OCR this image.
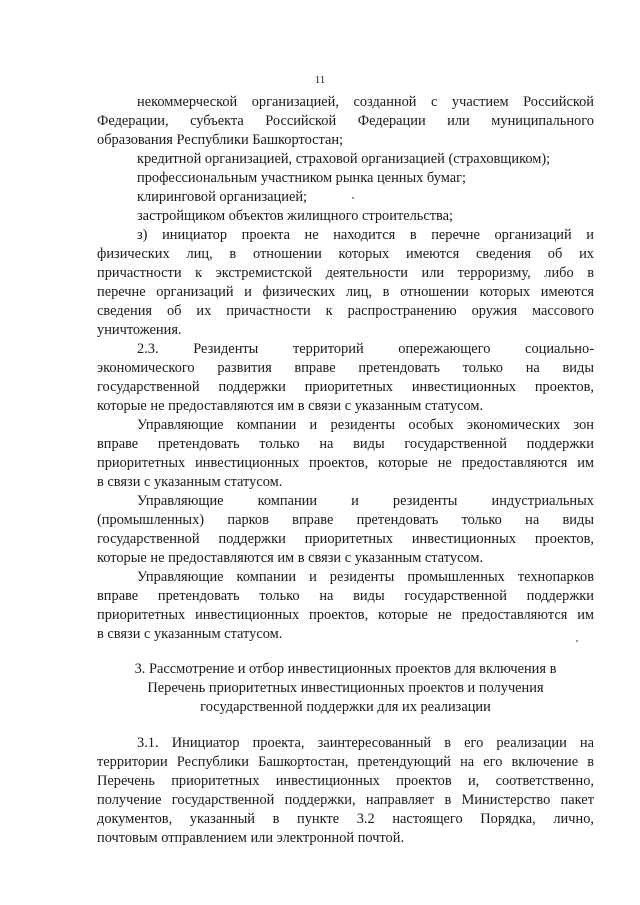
11
некоммерческой организацией, созданной с участием Российской
Федерации, субъекта Российской Федерации или муниципального
образования Республики Башкортостан;
кредитной организацией, страховой организацией (страховщиком);
профессиональным участником рынка ценных бумаг;
клиринговой организацией;
застройщиком объектов жилищного строительства;
з) инициатор проекта не находится в перечне организаций и
физических лиц, в отношении которых имеются сведения об их
причастности к экстремистской деятельности или терроризму, либо в
перечне организаций и физических лиц, в отношении которых имеются
сведения об их причастности к распространению оружия массового
уничтожения.
2.3. Резиденты территорий опережающего социально-
экономического развития вправе претендовать только на виды
государственной поддержки приоритетных инвестиционных проектов,
которые не предоставляются им в связи с указанным статусом.
Управляющие компании и резиденты особых экономических зон
вправе претендовать только на виды государственной поддержки
приоритетных инвестиционных проектов, которые не предоставляются им
в связи с указанным статусом.
Управляющие компании и резиденты индустриальных
(промышленных) парков вправе претендовать только на виды
государственной поддержки приоритетных инвестиционных проектов,
которые не предоставляются им в связи с указанным статусом.
Управляющие компании и резиденты промышленных технопарков
вправе претендовать только на виды государственной поддержки
приоритетных инвестиционных проектов, которые не предоставляются им
в связи с указанным статусом.
3. Рассмотрение и отбор инвестиционных проектов для включения в
Перечень приоритетных инвестиционных проектов и получения
государственной поддержки для их реализации
3.1. Инициатор проекта, заинтересованный в его реализации на
территории Республики Башкортостан, претендующий на его включение в
Перечень приоритетных инвестиционных проектов и, соответственно,
получение государственной поддержки, направляет в Министерство пакет
документов, указанный в пункте 3.2 настоящего Порядка, лично,
почтовым отправлением или электронной почтой.
